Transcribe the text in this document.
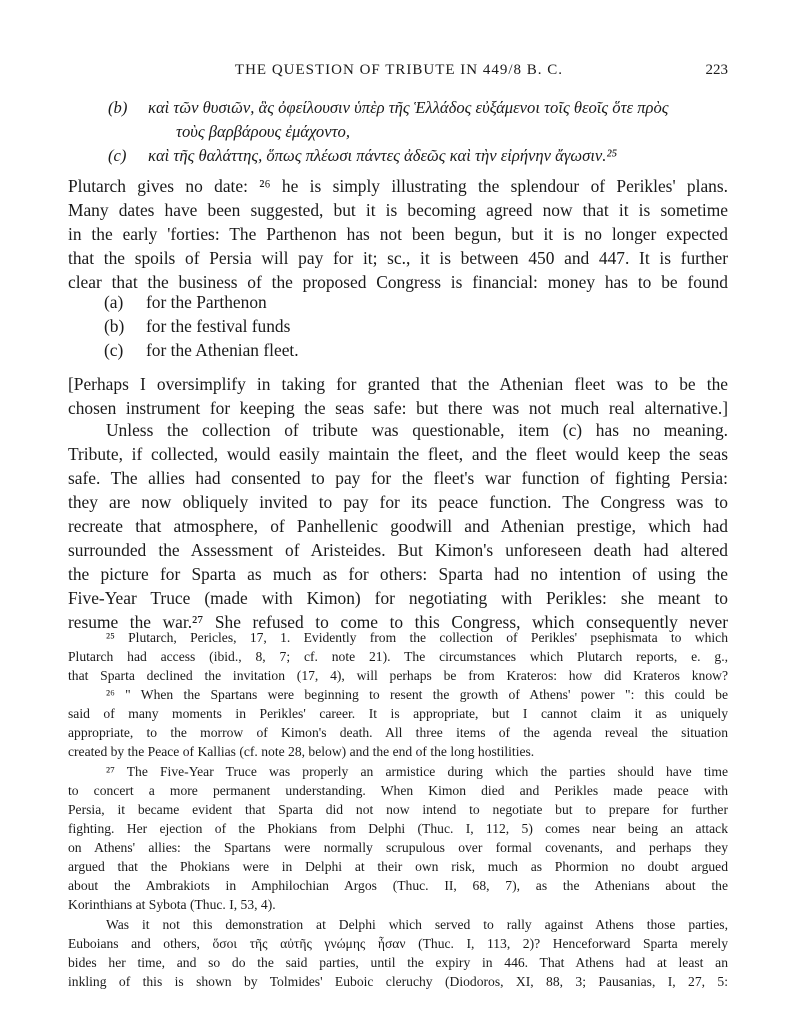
THE QUESTION OF TRIBUTE IN 449/8 B. C.	223
(b) καὶ τῶν θυσιῶν, ἃς ὀφείλουσιν ὑπὲρ τῆς Ἑλλάδος εὐξάμενοι τοῖς θεοῖς ὅτε πρὸς
τοὺς βαρβάρους ἐμάχοντο,
(c) καὶ τῆς θαλάττης, ὅπως πλέωσι πάντες ἀδεῶς καὶ τὴν εἰρήνην ἄγωσιν.²⁵
Plutarch gives no date: ²⁶ he is simply illustrating the splendour of Perikles' plans.
Many dates have been suggested, but it is becoming agreed now that it is sometime
in the early 'forties: The Parthenon has not been begun, but it is no longer expected
that the spoils of Persia will pay for it; sc., it is between 450 and 447. It is further
clear that the business of the proposed Congress is financial: money has to be found
(a) for the Parthenon
(b) for the festival funds
(c) for the Athenian fleet.
[Perhaps I oversimplify in taking for granted that the Athenian fleet was to be the
chosen instrument for keeping the seas safe: but there was not much real alternative.]
Unless the collection of tribute was questionable, item (c) has no meaning.
Tribute, if collected, would easily maintain the fleet, and the fleet would keep the seas
safe. The allies had consented to pay for the fleet's war function of fighting Persia:
they are now obliquely invited to pay for its peace function. The Congress was to
recreate that atmosphere, of Panhellenic goodwill and Athenian prestige, which had
surrounded the Assessment of Aristeides. But Kimon's unforeseen death had altered
the picture for Sparta as much as for others: Sparta had no intention of using the
Five-Year Truce (made with Kimon) for negotiating with Perikles: she meant to
resume the war.²⁷ She refused to come to this Congress, which consequently never
²⁵ Plutarch, Pericles, 17, 1. Evidently from the collection of Perikles' psephismata to which
Plutarch had access (ibid., 8, 7; cf. note 21). The circumstances which Plutarch reports, e. g.,
that Sparta declined the invitation (17, 4), will perhaps be from Krateros: how did Krateros know?
²⁶ " When the Spartans were beginning to resent the growth of Athens' power ": this could be
said of many moments in Perikles' career. It is appropriate, but I cannot claim it as uniquely
appropriate, to the morrow of Kimon's death. All three items of the agenda reveal the situation
created by the Peace of Kallias (cf. note 28, below) and the end of the long hostilities.
²⁷ The Five-Year Truce was properly an armistice during which the parties should have time
to concert a more permanent understanding. When Kimon died and Perikles made peace with
Persia, it became evident that Sparta did not now intend to negotiate but to prepare for further
fighting. Her ejection of the Phokians from Delphi (Thuc. I, 112, 5) comes near being an attack
on Athens' allies: the Spartans were normally scrupulous over formal covenants, and perhaps they
argued that the Phokians were in Delphi at their own risk, much as Phormion no doubt argued
about the Ambrakiots in Amphilochian Argos (Thuc. II, 68, 7), as the Athenians about the
Korinthians at Sybota (Thuc. I, 53, 4).
Was it not this demonstration at Delphi which served to rally against Athens those parties,
Euboians and others, ὅσοι τῆς αὐτῆς γνώμης ἦσαν (Thuc. I, 113, 2)? Henceforward Sparta merely
bides her time, and so do the said parties, until the expiry in 446. That Athens had at least an
inkling of this is shown by Tolmides' Euboic cleruchy (Diodoros, XI, 88, 3; Pausanias, I, 27, 5:
